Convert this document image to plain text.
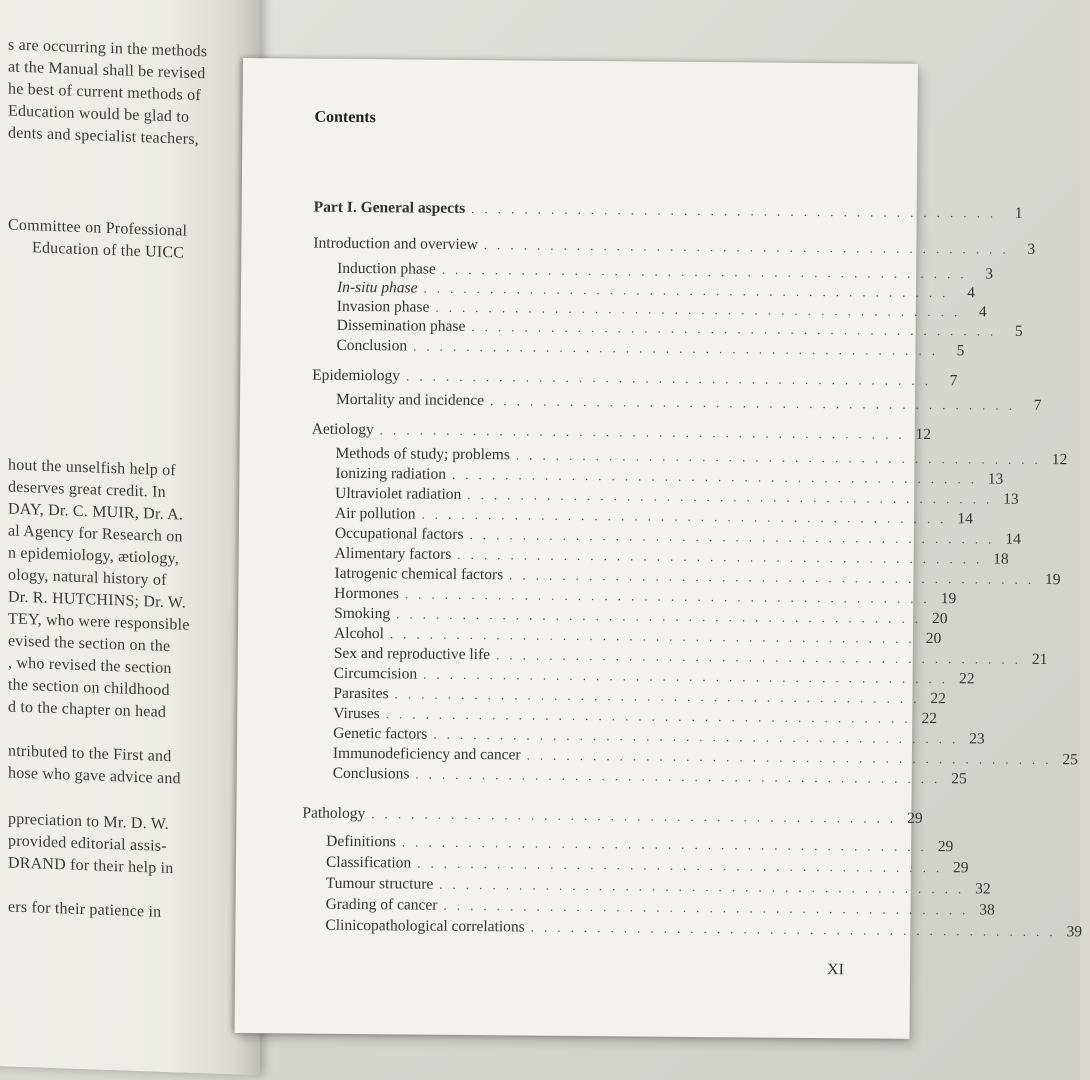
s are occurring in the methods
at the Manual shall be revised
he best of current methods of
Education would be glad to
dents and specialist teachers,
Committee on Professional
Education of the UICC
hout the unselfish help of
deserves great credit. In
DAY, Dr. C. MUIR, Dr. A.
al Agency for Research on
n epidemiology, ætiology,
ology, natural history of
Dr. R. HUTCHINS; Dr. W.
TEY, who were responsible
evised the section on the
, who revised the section
the section on childhood
d to the chapter on head
ntributed to the First and
hose who gave advice and
ppreciation to Mr. D. W.
provided editorial assis-
DRAND for their help in
ers for their patience in
Contents
Part I. General aspects . . . . . . . . . . . . . . . . . . . . . . . . . . . . . . . . . . . . . . . .	1
Introduction and overview . . . . . . . . . . . . . . . . . . . . . . . . . . . . . . . . . . . . . . . .	3
Induction phase . . . . . . . . . . . . . . . . . . . . . . . . . . . . . . . . . . . . . . . .	3
In-situ phase . . . . . . . . . . . . . . . . . . . . . . . . . . . . . . . . . . . . . . . .	4
Invasion phase . . . . . . . . . . . . . . . . . . . . . . . . . . . . . . . . . . . . . . . .	4
Dissemination phase . . . . . . . . . . . . . . . . . . . . . . . . . . . . . . . . . . . . . . . .	5
Conclusion . . . . . . . . . . . . . . . . . . . . . . . . . . . . . . . . . . . . . . . .	5
Epidemiology . . . . . . . . . . . . . . . . . . . . . . . . . . . . . . . . . . . . . . . .	7
Mortality and incidence . . . . . . . . . . . . . . . . . . . . . . . . . . . . . . . . . . . . . . . .	7
Aetiology . . . . . . . . . . . . . . . . . . . . . . . . . . . . . . . . . . . . . . . . 12
Methods of study; problems . . . . . . . . . . . . . . . . . . . . . . . . . . . . . . . . . . . . . . . . 12
Ionizing radiation . . . . . . . . . . . . . . . . . . . . . . . . . . . . . . . . . . . . . . . . 13
Ultraviolet radiation . . . . . . . . . . . . . . . . . . . . . . . . . . . . . . . . . . . . . . . . 13
Air pollution . . . . . . . . . . . . . . . . . . . . . . . . . . . . . . . . . . . . . . . . 14
Occupational factors . . . . . . . . . . . . . . . . . . . . . . . . . . . . . . . . . . . . . . . . 14
Alimentary factors . . . . . . . . . . . . . . . . . . . . . . . . . . . . . . . . . . . . . . . . 18
Iatrogenic chemical factors . . . . . . . . . . . . . . . . . . . . . . . . . . . . . . . . . . . . . . . . 19
Hormones . . . . . . . . . . . . . . . . . . . . . . . . . . . . . . . . . . . . . . . . 19
Smoking . . . . . . . . . . . . . . . . . . . . . . . . . . . . . . . . . . . . . . . . 20
Alcohol . . . . . . . . . . . . . . . . . . . . . . . . . . . . . . . . . . . . . . . . 20
Sex and reproductive life . . . . . . . . . . . . . . . . . . . . . . . . . . . . . . . . . . . . . . . . 21
Circumcision . . . . . . . . . . . . . . . . . . . . . . . . . . . . . . . . . . . . . . . . 22
Parasites . . . . . . . . . . . . . . . . . . . . . . . . . . . . . . . . . . . . . . . . 22
Viruses . . . . . . . . . . . . . . . . . . . . . . . . . . . . . . . . . . . . . . . . 22
Genetic factors . . . . . . . . . . . . . . . . . . . . . . . . . . . . . . . . . . . . . . . . 23
Immunodeficiency and cancer . . . . . . . . . . . . . . . . . . . . . . . . . . . . . . . . . . . . . . . . 25
Conclusions . . . . . . . . . . . . . . . . . . . . . . . . . . . . . . . . . . . . . . . . 25
Pathology . . . . . . . . . . . . . . . . . . . . . . . . . . . . . . . . . . . . . . . . 29
Definitions . . . . . . . . . . . . . . . . . . . . . . . . . . . . . . . . . . . . . . . . 29
Classification . . . . . . . . . . . . . . . . . . . . . . . . . . . . . . . . . . . . . . . . 29
Tumour structure . . . . . . . . . . . . . . . . . . . . . . . . . . . . . . . . . . . . . . . . 32
Grading of cancer . . . . . . . . . . . . . . . . . . . . . . . . . . . . . . . . . . . . . . . . 38
Clinicopathological correlations . . . . . . . . . . . . . . . . . . . . . . . . . . . . . . . . . . . . . . . . 39
XI
